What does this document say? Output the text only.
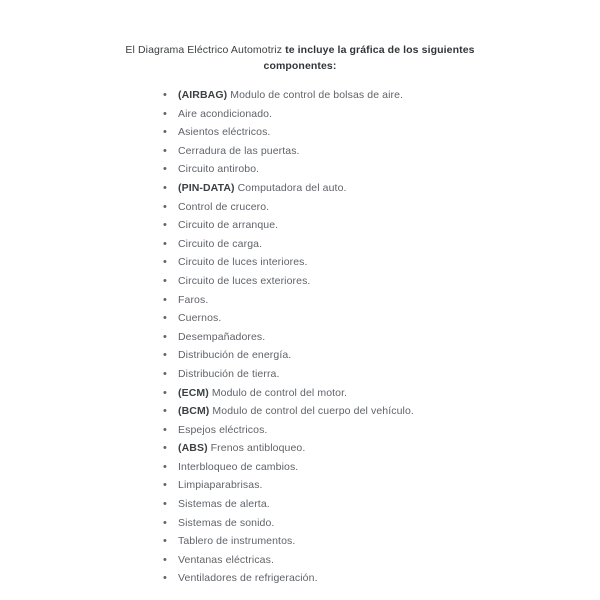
El Diagrama Eléctrico Automotriz te incluye la gráfica de los siguientes componentes:

• (AIRBAG) Modulo de control de bolsas de aire.
• Aire acondicionado.
• Asientos eléctricos.
• Cerradura de las puertas.
• Circuito antirobo.
• (PIN-DATA) Computadora del auto.
• Control de crucero.
• Circuito de arranque.
• Circuito de carga.
• Circuito de luces interiores.
• Circuito de luces exteriores.
• Faros.
• Cuernos.
• Desempañadores.
• Distribución de energía.
• Distribución de tierra.
• (ECM) Modulo de control del motor.
• (BCM) Modulo de control del cuerpo del vehículo.
• Espejos eléctricos.
• (ABS) Frenos antibloqueo.
• Interbloqueo de cambios.
• Limpiaparabrisas.
• Sistemas de alerta.
• Sistemas de sonido.
• Tablero de instrumentos.
• Ventanas eléctricas.
• Ventiladores de refrigeración.
